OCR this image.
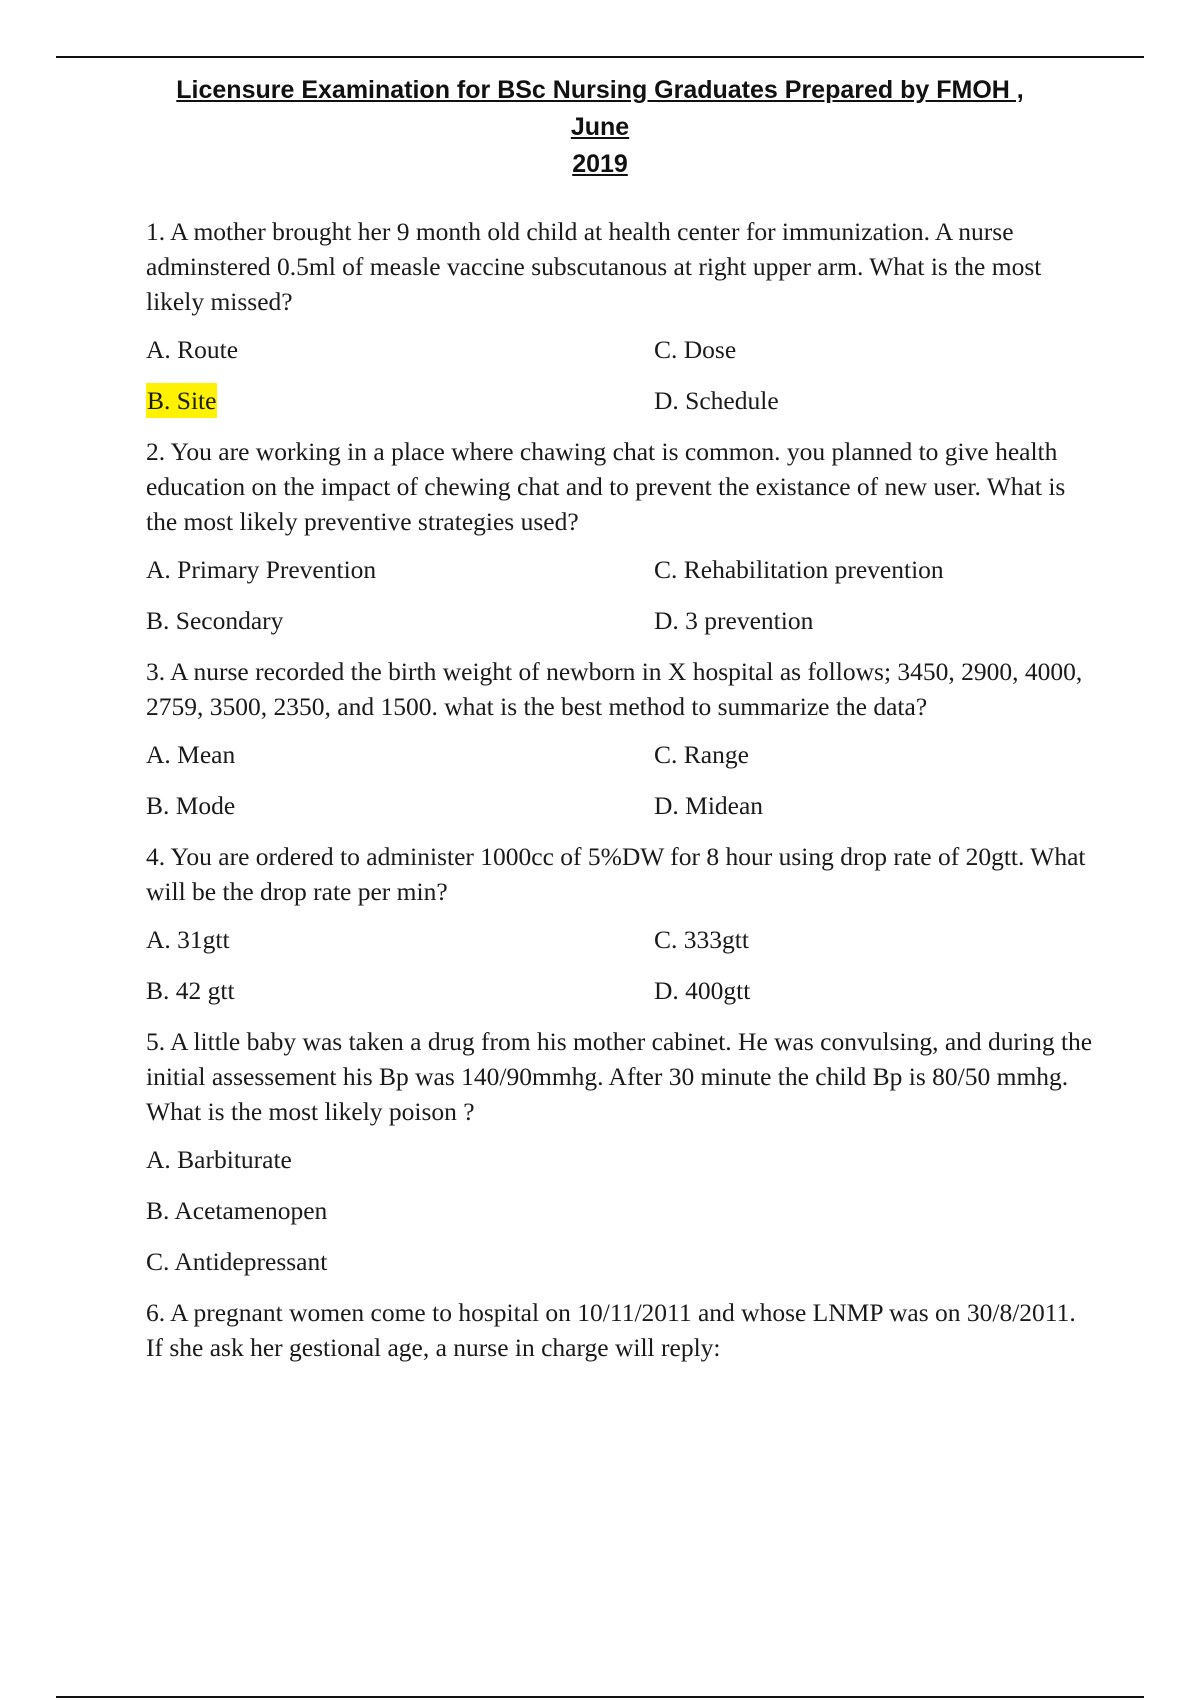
Licensure Examination for BSc Nursing Graduates Prepared by FMOH , June
2019

1. A mother brought her 9 month old child at health center for immunization. A nurse adminstered 0.5ml of measle vaccine subscutanous at right upper arm. What is the most likely missed?

A. Route	C. Dose
B. Site	D. Schedule

2. You are working in a place where chawing chat is common. you planned to give health education on the impact of chewing chat and to prevent the existance of new user. What is the most likely preventive strategies used?

A. Primary Prevention	C. Rehabilitation prevention
B. Secondary	D. 3 prevention

3. A nurse recorded the birth weight of newborn in X hospital as follows; 3450, 2900, 4000, 2759, 3500, 2350, and 1500. what is the best method to summarize the data?

A. Mean	C. Range
B. Mode	D. Midean

4. You are ordered to administer 1000cc of 5%DW for 8 hour using drop rate of 20gtt. What will be the drop rate per min?

A. 31gtt	C. 333gtt
B. 42 gtt	D. 400gtt

5. A little baby was taken a drug from his mother cabinet. He was convulsing, and during the initial assessement his Bp was 140/90mmhg. After 30 minute the child Bp is 80/50 mmhg. What is the most likely poison ?

A. Barbiturate
B. Acetamenopen
C. Antidepressant

6. A pregnant women come to hospital on 10/11/2011 and whose LNMP was on 30/8/2011. If she ask her gestional age, a nurse in charge will reply:
